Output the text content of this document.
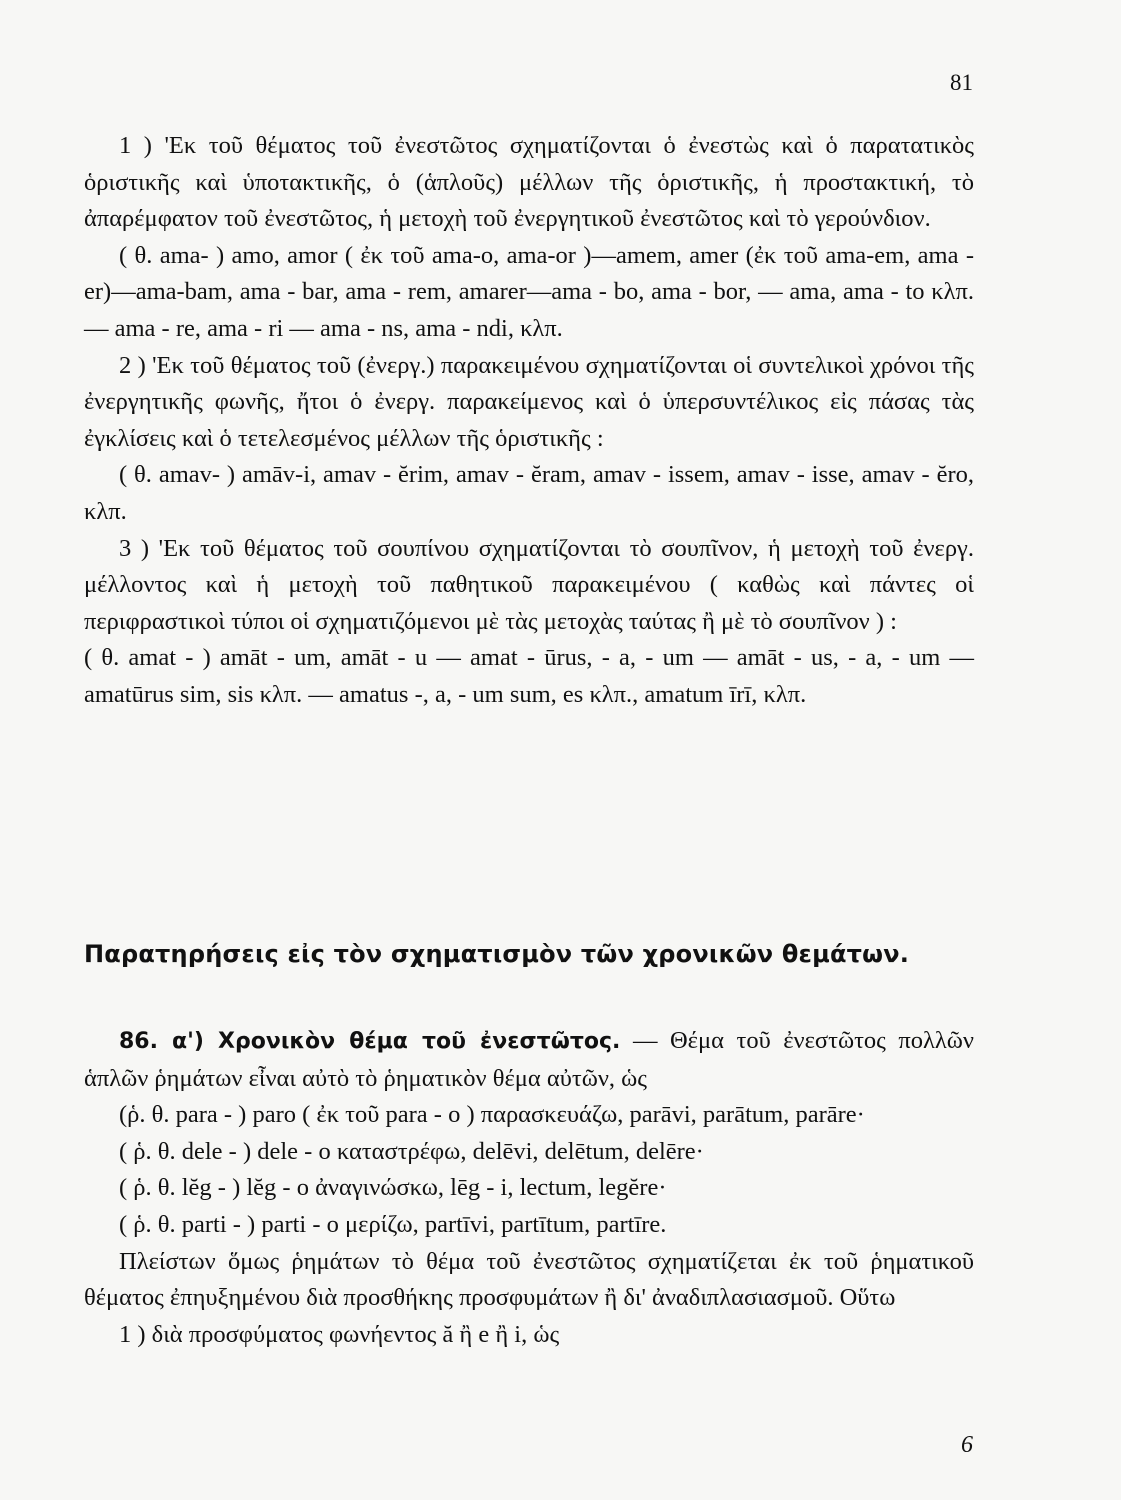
81

1 ) 'Εκ τοῦ θέματος τοῦ ἐνεστῶτος σχηματίζονται ὁ ἐνεστὼς καὶ ὁ παρατατικὸς ὁριστικῆς καὶ ὑποτακτικῆς, ὁ (ἁπλοῦς) μέλλων τῆς ὁριστικῆς, ἡ προστακτική, τὸ ἀπαρέμφατον τοῦ ἐνεστῶτος, ἡ μετοχὴ τοῦ ἐνεργητικοῦ ἐνεστῶτος καὶ τὸ γερούνδιον.

( θ. ama- ) amo, amor ( ἐκ τοῦ ama-o, ama-or )—amem, amer (ἐκ τοῦ ama-em, ama - er)—ama-bam, ama - bar, ama - rem, amarer—ama - bo, ama - bor, — ama, ama - to κλπ. — ama - re, ama - ri — ama - ns, ama - ndi, κλπ.

2 ) 'Εκ τοῦ θέματος τοῦ (ἐνεργ.) παρακειμένου σχηματίζονται οἱ συντελικοὶ χρόνοι τῆς ἐνεργητικῆς φωνῆς, ἤτοι ὁ ἐνεργ. παρακείμενος καὶ ὁ ὑπερσυντέλικος εἰς πάσας τὰς ἐγκλίσεις καὶ ὁ τετελεσμένος μέλλων τῆς ὁριστικῆς :

( θ. amav- ) amāv-i, amav - ĕrim, amav - ĕram, amav - issem, amav - isse, amav - ĕro, κλπ.

3 ) 'Εκ τοῦ θέματος τοῦ σουπίνου σχηματίζονται τὸ σουπῖνον, ἡ μετοχὴ τοῦ ἐνεργ. μέλλοντος καὶ ἡ μετοχὴ τοῦ παθητικοῦ παρακειμένου ( καθὼς καὶ πάντες οἱ περιφραστικοὶ τύποι οἱ σχηματιζόμενοι μὲ τὰς μετοχὰς ταύτας ἢ μὲ τὸ σουπῖνον ) :

( θ. amat - ) amāt - um, amāt - u — amat - ūrus, - a, - um — amāt - us, - a, - um — amatūrus sim, sis κλπ. — amatus -, a, - um sum, es κλπ., amatum īrī, κλπ.

Παρατηρήσεις εἰς τὸν σχηματισμὸν τῶν χρονικῶν θεμάτων.

86. α') Χρονικὸν θέμα τοῦ ἐνεστῶτος. — Θέμα τοῦ ἐνεστῶτος πολλῶν ἁπλῶν ῥημάτων εἶναι αὐτὸ τὸ ῥηματικὸν θέμα αὐτῶν, ὡς

(ῥ. θ. para - ) paro ( ἐκ τοῦ para - o ) παρασκευάζω, parāvi, parātum, parāre·

( ῥ. θ. dele - ) dele - o καταστρέφω, delēvi, delētum, delēre·

( ῥ. θ. lĕg - ) lĕg - o ἀναγινώσκω, lēg - i, lectum, legĕre·

( ῥ. θ. parti - ) parti - o μερίζω, partīvi, partītum, partīre.

Πλείστων ὅμως ῥημάτων τὸ θέμα τοῦ ἐνεστῶτος σχηματίζεται ἐκ τοῦ ῥηματικοῦ θέματος ἐπηυξημένου διὰ προσθήκης προσφυμάτων ἢ δι' ἀναδιπλασιασμοῦ. Οὕτω

1 ) διὰ προσφύματος φωνήεντος ă ἢ e ἢ i, ὡς

6
